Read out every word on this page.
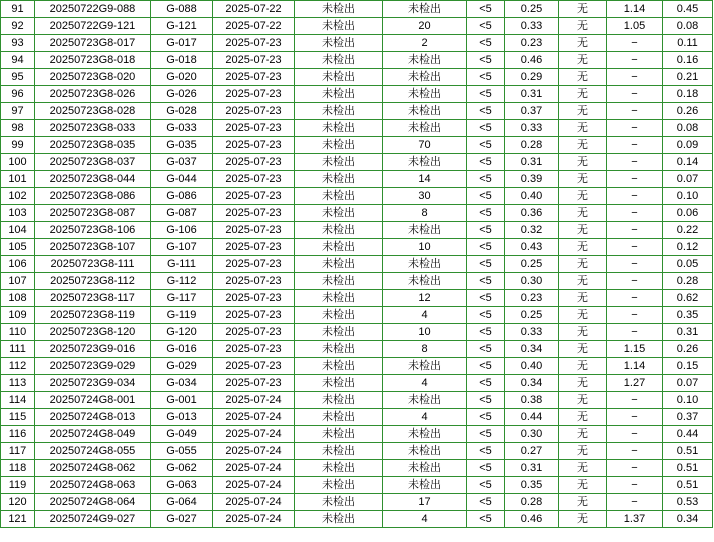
91	20250722G9-088	G-088	2025-07-22	未检出	未检出	<5	0.25	无	1.14	0.45
92	20250722G9-121	G-121	2025-07-22	未检出	20	<5	0.33	无	1.05	0.08
93	20250723G8-017	G-017	2025-07-23	未检出	2	<5	0.23	无	−	0.11
94	20250723G8-018	G-018	2025-07-23	未检出	未检出	<5	0.46	无	−	0.16
95	20250723G8-020	G-020	2025-07-23	未检出	未检出	<5	0.29	无	−	0.21
96	20250723G8-026	G-026	2025-07-23	未检出	未检出	<5	0.31	无	−	0.18
97	20250723G8-028	G-028	2025-07-23	未检出	未检出	<5	0.37	无	−	0.26
98	20250723G8-033	G-033	2025-07-23	未检出	未检出	<5	0.33	无	−	0.08
99	20250723G8-035	G-035	2025-07-23	未检出	70	<5	0.28	无	−	0.09
100	20250723G8-037	G-037	2025-07-23	未检出	未检出	<5	0.31	无	−	0.14
101	20250723G8-044	G-044	2025-07-23	未检出	14	<5	0.39	无	−	0.07
102	20250723G8-086	G-086	2025-07-23	未检出	30	<5	0.40	无	−	0.10
103	20250723G8-087	G-087	2025-07-23	未检出	8	<5	0.36	无	−	0.06
104	20250723G8-106	G-106	2025-07-23	未检出	未检出	<5	0.32	无	−	0.22
105	20250723G8-107	G-107	2025-07-23	未检出	10	<5	0.43	无	−	0.12
106	20250723G8-111	G-111	2025-07-23	未检出	未检出	<5	0.25	无	−	0.05
107	20250723G8-112	G-112	2025-07-23	未检出	未检出	<5	0.30	无	−	0.28
108	20250723G8-117	G-117	2025-07-23	未检出	12	<5	0.23	无	−	0.62
109	20250723G8-119	G-119	2025-07-23	未检出	4	<5	0.25	无	−	0.35
110	20250723G8-120	G-120	2025-07-23	未检出	10	<5	0.33	无	−	0.31
111	20250723G9-016	G-016	2025-07-23	未检出	8	<5	0.34	无	1.15	0.26
112	20250723G9-029	G-029	2025-07-23	未检出	未检出	<5	0.40	无	1.14	0.15
113	20250723G9-034	G-034	2025-07-23	未检出	4	<5	0.34	无	1.27	0.07
114	20250724G8-001	G-001	2025-07-24	未检出	未检出	<5	0.38	无	−	0.10
115	20250724G8-013	G-013	2025-07-24	未检出	4	<5	0.44	无	−	0.37
116	20250724G8-049	G-049	2025-07-24	未检出	未检出	<5	0.30	无	−	0.44
117	20250724G8-055	G-055	2025-07-24	未检出	未检出	<5	0.27	无	−	0.51
118	20250724G8-062	G-062	2025-07-24	未检出	未检出	<5	0.31	无	−	0.51
119	20250724G8-063	G-063	2025-07-24	未检出	未检出	<5	0.35	无	−	0.51
120	20250724G8-064	G-064	2025-07-24	未检出	17	<5	0.28	无	−	0.53
121	20250724G9-027	G-027	2025-07-24	未检出	4	<5	0.46	无	1.37	0.34
